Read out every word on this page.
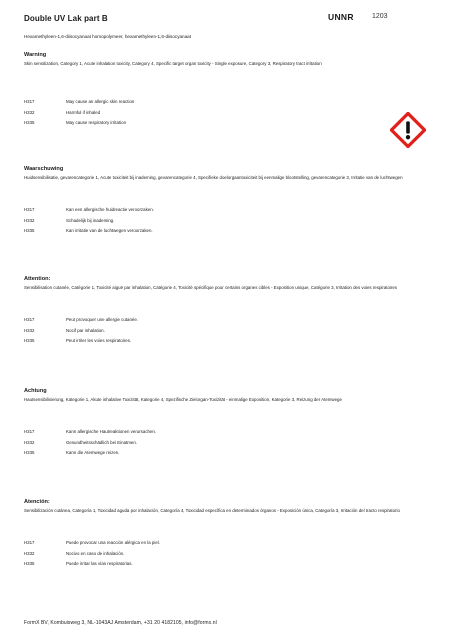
Double UV Lak part B	UNNR	1203
Hexamethyleen-1,6-diisocyanaat homopolymeer, hexamethyleen-1,6-diisocyanaat
Warning
Skin sensitization, Category 1, Acute inhalation toxicity, Category 4, Specific target organ toxicity - Single exposure, Category 3, Respiratory tract irritation
H317	May cause an allergic skin reaction
H332	Harmful if inhaled
H335	May cause respiratory irritation
Waarschuwing
Huidsensibilisatie, gevarencategorie 1, Acute toxiciteit bij inademing, gevarencategorie 4, Specifieke doelorgaantoxiciteit bij eenmalige blootstelling, gevarencategorie 3, Irritatie van de luchtwegen
H317	Kan een allergische huidreactie veroorzaken.
H332	Schadelijk bij inademing.
H335	Kan irritatie van de luchtwegen veroorzaken.
Attention:
Sensibilisation cutanée, Catégorie 1, Toxicité aiguë par inhalation, Catégorie 4, Toxicité spécifique pour certains organes cibles - Exposition unique, Catégorie 3, Irritation des voies respiratoires
H317	Peut provoquer une allergie cutanée.
H332	Nocif par inhalation.
H335	Peut irriter les voies respiratoires.
Achtung
Hautsensibilisierung, Kategorie 1, Akute inhalative Toxizität, Kategorie 4, Spezifische Zielorgan-Toxizität - einmalige Exposition, Kategorie 3, Reizung der Atemwege
H317	Kann allergische Hautreaktionen verursachen.
H332	Gesundheitsschädlich bei Einatmen.
H335	Kann die Atemwege reizen.
Atención:
Sensibilización cutánea, Categoría 1, Toxicidad aguda por inhalación, Categoría 4, Toxicidad específica en determinados órganos - Exposición única, Categoría 3, Irritación del tracto respiratorio
H317	Puede provocar una reacción alérgica en la piel.
H332	Nocivo en caso de inhalación.
H335	Puede irritar las vías respiratorias.
FormX BV, Kombuisweg 3, NL-1043AJ Amsterdam, +31 20 4182105, info@formx.nl
